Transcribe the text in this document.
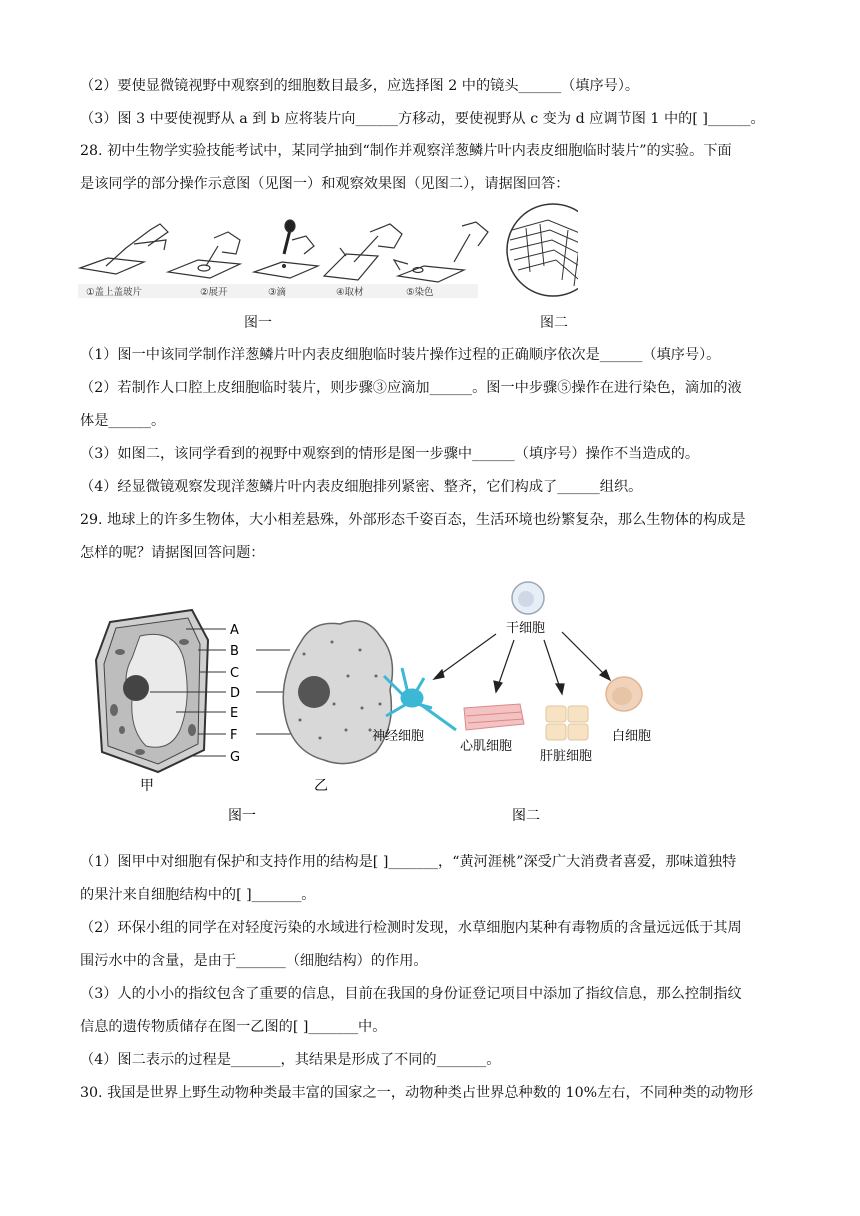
（2）要使显微镜视野中观察到的细胞数目最多，应选择图 2 中的镜头______（填序号）。
（3）图 3 中要使视野从 a 到 b 应将装片向______方移动，要使视野从 c 变为 d 应调节图 1 中的[ ]______。
28. 初中生物学实验技能考试中，某同学抽到“制作并观察洋葱鳞片叶内表皮细胞临时装片”的实验。下面
是该同学的部分操作示意图（见图一）和观察效果图（见图二），请据图回答：
①盖上盖玻片	②展开	③滴	④取材	⑤染色
图一	图二
（1）图一中该同学制作洋葱鳞片叶内表皮细胞临时装片操作过程的正确顺序依次是______（填序号）。
（2）若制作人口腔上皮细胞临时装片，则步骤③应滴加______。图一中步骤⑤操作在进行染色，滴加的液
体是______。
（3）如图二，该同学看到的视野中观察到的情形是图一步骤中______（填序号）操作不当造成的。
（4）经显微镜观察发现洋葱鳞片叶内表皮细胞排列紧密、整齐，它们构成了______组织。
29. 地球上的许多生物体，大小相差悬殊，外部形态千姿百态，生活环境也纷繁复杂，那么生物体的构成是
怎样的呢？请据图回答问题：
A
B
C
D
E
F
G
甲	乙
图一
干细胞
神经细胞
心肌细胞
肝脏细胞
白细胞
图二
（1）图甲中对细胞有保护和支持作用的结构是[ ]_______，“黄河涯桃”深受广大消费者喜爱，那味道独特
的果汁来自细胞结构中的[ ]_______。
（2）环保小组的同学在对轻度污染的水域进行检测时发现，水草细胞内某种有毒物质的含量远远低于其周
围污水中的含量，是由于_______（细胞结构）的作用。
（3）人的小小的指纹包含了重要的信息，目前在我国的身份证登记项目中添加了指纹信息，那么控制指纹
信息的遗传物质储存在图一乙图的[ ]_______中。
（4）图二表示的过程是_______，其结果是形成了不同的_______。
30. 我国是世界上野生动物种类最丰富的国家之一，动物种类占世界总种数的 10%左右，不同种类的动物形
